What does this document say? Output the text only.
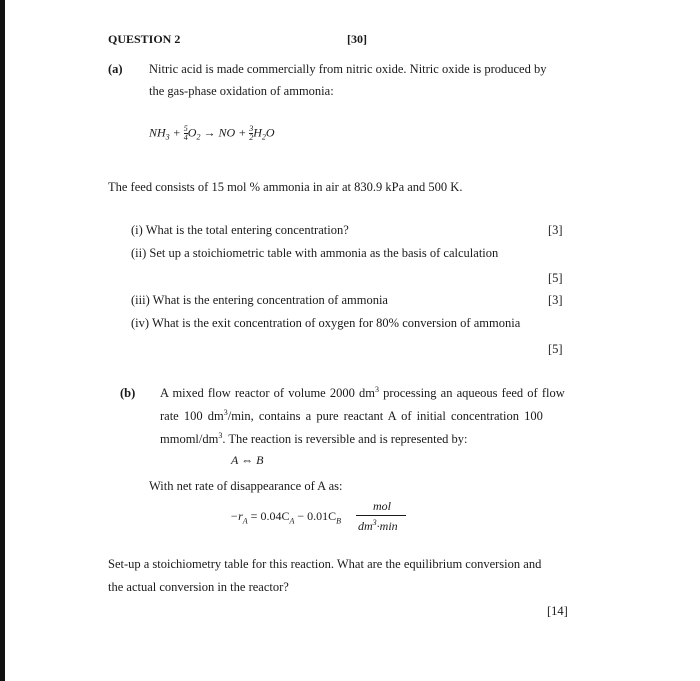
QUESTION 2	[30]
(a) Nitric acid is made commercially from nitric oxide. Nitric oxide is produced by
the gas-phase oxidation of ammonia:
$NH_3 + \frac{5}{4} O_2$ → NO + $\frac{3}{2} H_2O$
The feed consists of 15 mol % ammonia in air at 830.9 kPa and 500 K.
(i) What is the total entering concentration?	[3]
(ii) Set up a stoichiometric table with ammonia as the basis of calculation
[5]
(iii) What is the entering concentration of ammonia	[3]
(iv) What is the exit concentration of oxygen for 80% conversion of ammonia
[5]
(b) A mixed flow reactor of volume 2000 $dm^3$ processing an aqueous feed of flow
rate 100 $dm^3/\min$, contains a pure reactant A of initial concentration 100
mmoml/$dm^3$. The reaction is reversible and is represented by:
A ⇔ B
With net rate of disappearance of A as:
$-r_A = 0.04C_A - 0.01C_B$
mol
$dm^3\cdot\min$
Set-up a stoichiometry table for this reaction. What are the equilibrium conversion and
the actual conversion in the reactor?
[14]
